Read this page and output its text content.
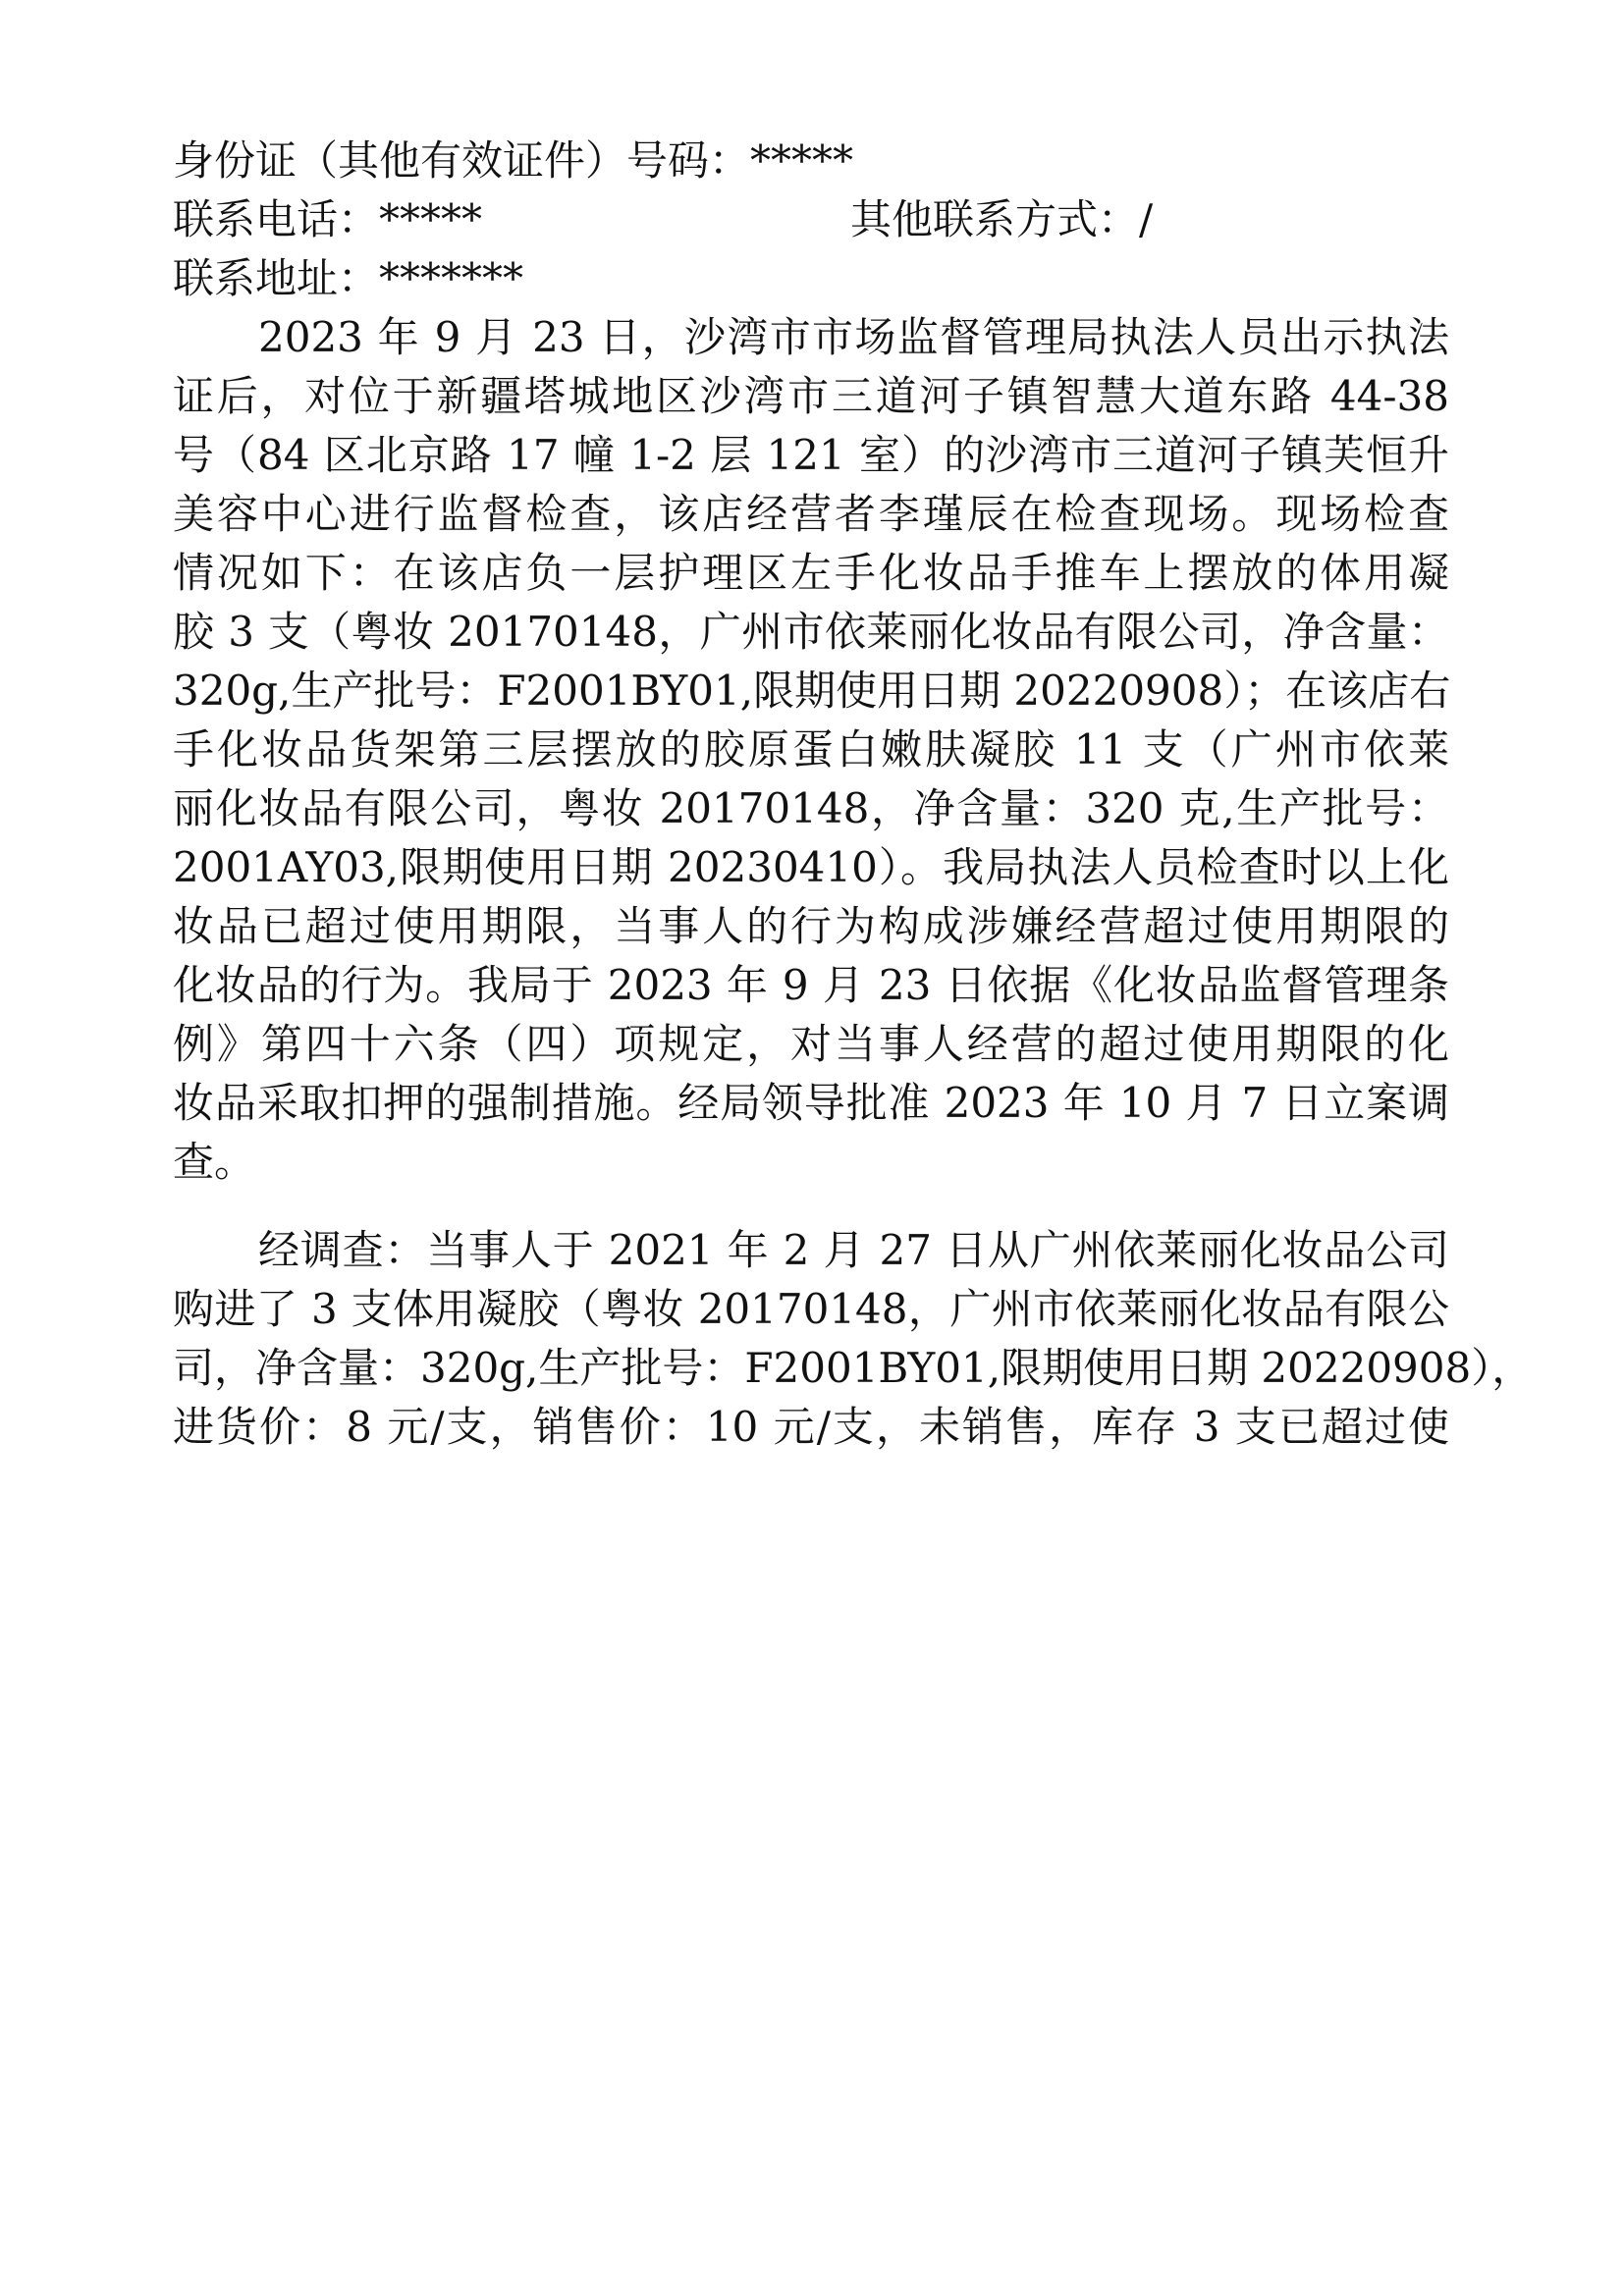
身份证（其他有效证件）号码：*****
联系电话：*****	其他联系方式：/
联系地址：*******
2023 年 9 月 23 日，沙湾市市场监督管理局执法人员出示执法
证后，对位于新疆塔城地区沙湾市三道河子镇智慧大道东路 44-38
号（84 区北京路 17 幢 1-2 层 121 室）的沙湾市三道河子镇芙恒升
美容中心进行监督检查，该店经营者李瑾辰在检查现场。现场检查
情况如下：在该店负一层护理区左手化妆品手推车上摆放的体用凝
胶 3 支（粤妆 20170148，广州市依莱丽化妆品有限公司，净含量：
320g,生产批号：F2001BY01,限期使用日期 20220908）；在该店右
手化妆品货架第三层摆放的胶原蛋白嫩肤凝胶 11 支（广州市依莱
丽化妆品有限公司，粤妆 20170148，净含量：320 克,生产批号：
2001AY03,限期使用日期 20230410）。我局执法人员检查时以上化
妆品已超过使用期限，当事人的行为构成涉嫌经营超过使用期限的
化妆品的行为。我局于 2023 年 9 月 23 日依据《化妆品监督管理条
例》第四十六条（四）项规定，对当事人经营的超过使用期限的化
妆品采取扣押的强制措施。经局领导批准 2023 年 10 月 7 日立案调
查。
经调查：当事人于 2021 年 2 月 27 日从广州依莱丽化妆品公司
购进了 3 支体用凝胶（粤妆 20170148，广州市依莱丽化妆品有限公
司，净含量：320g,生产批号：F2001BY01,限期使用日期 20220908），
进货价：8 元/支，销售价：10 元/支，未销售，库存 3 支已超过使
